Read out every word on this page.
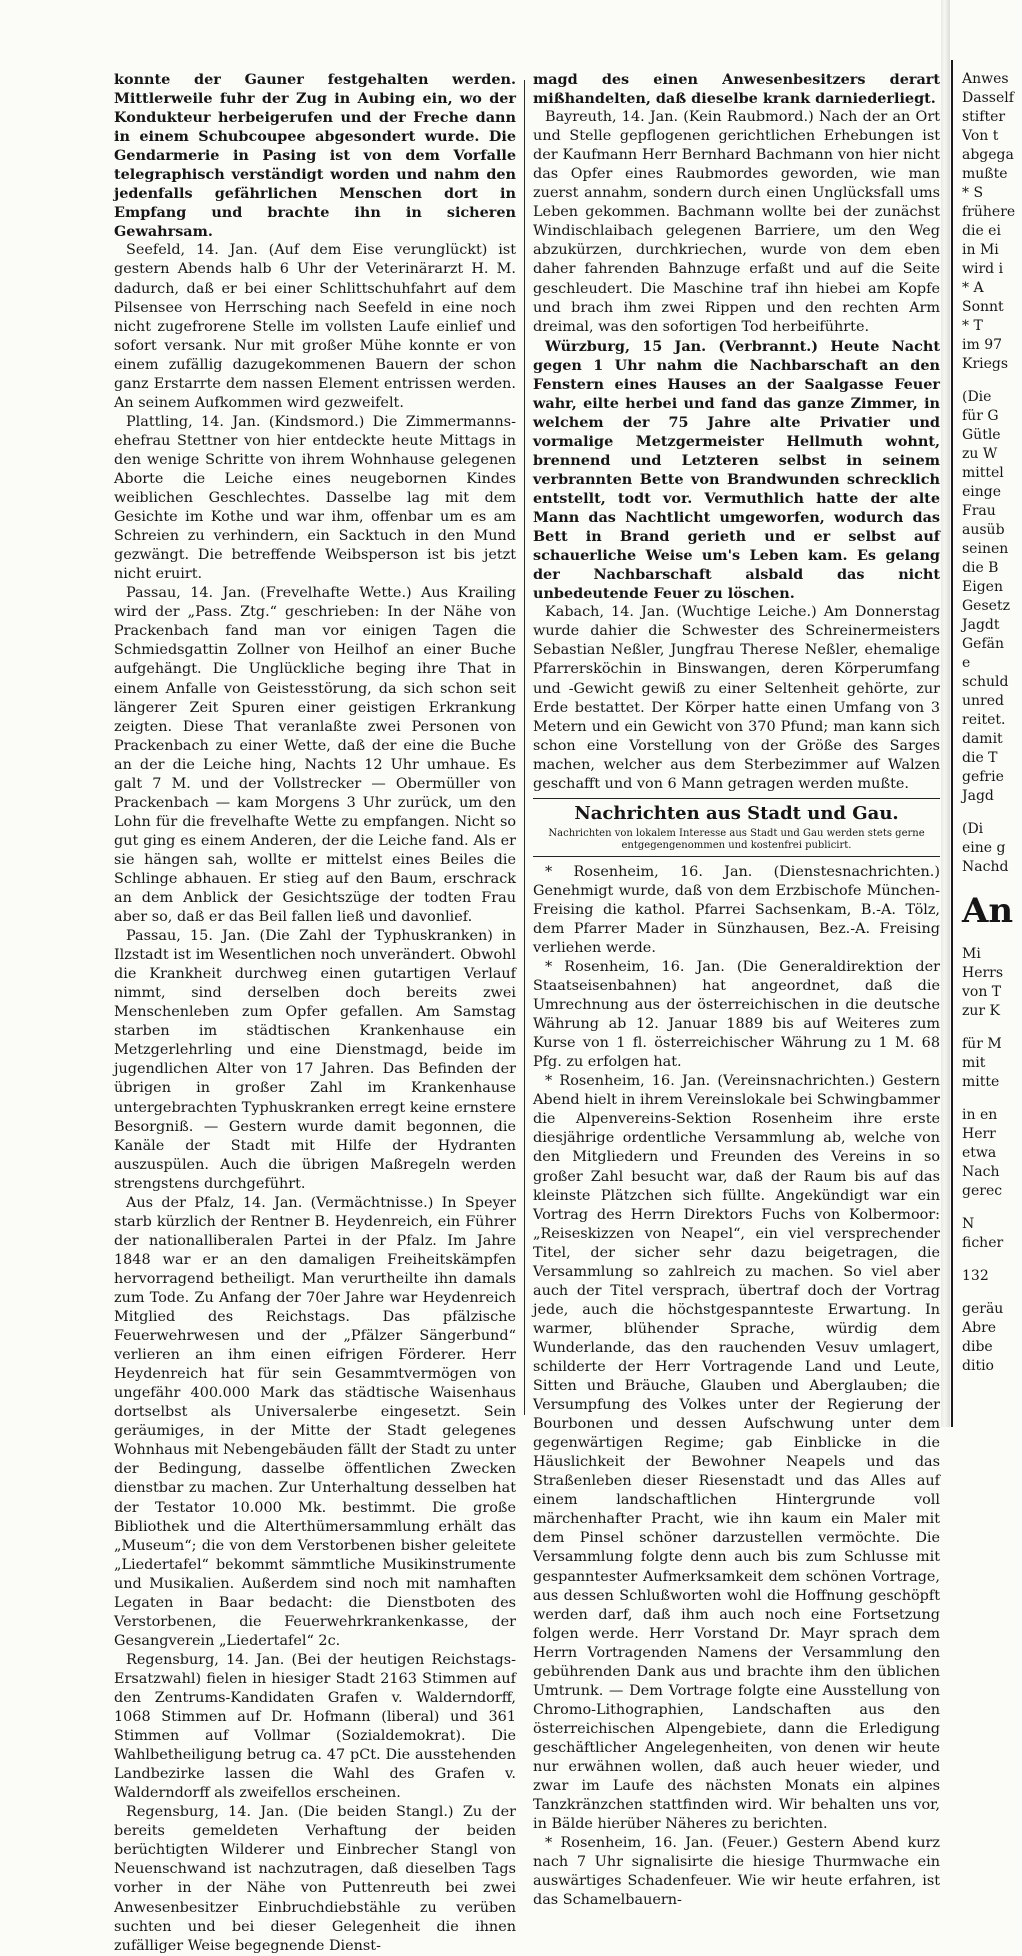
konnte der Gauner festgehalten werden. Mittlerweile fuhr der Zug in Aubing ein, wo der Kondukteur herbeigerufen und der Freche dann in einem Schubcoupee abgesondert wurde. Die Gendarmerie in Pasing ist von dem Vorfalle telegraphisch verständigt worden und nahm den jedenfalls gefährlichen Menschen dort in Empfang und brachte ihn in sicheren Gewahrsam.

Seefeld, 14. Jan. (Auf dem Eise verunglückt) ist gestern Abends halb 6 Uhr der Veterinärarzt H. M. dadurch, daß er bei einer Schlittschuhfahrt auf dem Pilsensee von Herrsching nach Seefeld in eine noch nicht zugefrorene Stelle im vollsten Laufe einlief und sofort versank. Nur mit großer Mühe konnte er von einem zufällig dazugekommenen Bauern der schon ganz Erstarrte dem nassen Element entrissen werden. An seinem Aufkommen wird gezweifelt.

Plattling, 14. Jan. (Kindsmord.) Die Zimmermanns-ehefrau Stettner von hier entdeckte heute Mittags in den wenige Schritte von ihrem Wohnhause gelegenen Aborte die Leiche eines neugebornen Kindes weiblichen Geschlechtes. Dasselbe lag mit dem Gesichte im Kothe und war ihm, offenbar um es am Schreien zu verhindern, ein Sacktuch in den Mund gezwängt. Die betreffende Weibsperson ist bis jetzt nicht eruirt.

Passau, 14. Jan. (Frevelhafte Wette.) Aus Krailing wird der „Pass. Ztg.“ geschrieben: In der Nähe von Prackenbach fand man vor einigen Tagen die Schmiedsgattin Zollner von Heilhof an einer Buche aufgehängt. Die Unglückliche beging ihre That in einem Anfalle von Geistesstörung, da sich schon seit längerer Zeit Spuren einer geistigen Erkrankung zeigten. Diese That veranlaßte zwei Personen von Prackenbach zu einer Wette, daß der eine die Buche an der die Leiche hing, Nachts 12 Uhr umhaue. Es galt 7 M. und der Vollstrecker — Obermüller von Prackenbach — kam Morgens 3 Uhr zurück, um den Lohn für die frevelhafte Wette zu empfangen. Nicht so gut ging es einem Anderen, der die Leiche fand. Als er sie hängen sah, wollte er mittelst eines Beiles die Schlinge abhauen. Er stieg auf den Baum, erschrack an dem Anblick der Gesichtszüge der todten Frau aber so, daß er das Beil fallen ließ und davonlief.

Passau, 15. Jan. (Die Zahl der Typhuskranken) in Ilzstadt ist im Wesentlichen noch unverändert. Obwohl die Krankheit durchweg einen gutartigen Verlauf nimmt, sind derselben doch bereits zwei Menschenleben zum Opfer gefallen. Am Samstag starben im städtischen Krankenhause ein Metzgerlehrling und eine Dienstmagd, beide im jugendlichen Alter von 17 Jahren. Das Befinden der übrigen in großer Zahl im Krankenhause untergebrachten Typhuskranken erregt keine ernstere Besorgniß. — Gestern wurde damit begonnen, die Kanäle der Stadt mit Hilfe der Hydranten auszuspülen. Auch die übrigen Maßregeln werden strengstens durchgeführt.

Aus der Pfalz, 14. Jan. (Vermächtnisse.) In Speyer starb kürzlich der Rentner B. Heydenreich, ein Führer der nationalliberalen Partei in der Pfalz. Im Jahre 1848 war er an den damaligen Freiheitskämpfen hervorragend betheiligt. Man verurtheilte ihn damals zum Tode. Zu Anfang der 70er Jahre war Heydenreich Mitglied des Reichstags. Das pfälzische Feuerwehrwesen und der „Pfälzer Sängerbund“ verlieren an ihm einen eifrigen Förderer. Herr Heydenreich hat für sein Gesammtvermögen von ungefähr 400.000 Mark das städtische Waisenhaus dortselbst als Universalerbe eingesetzt. Sein geräumiges, in der Mitte der Stadt gelegenes Wohnhaus mit Nebengebäuden fällt der Stadt zu unter der Bedingung, dasselbe öffentlichen Zwecken dienstbar zu machen. Zur Unterhaltung desselben hat der Testator 10.000 Mk. bestimmt. Die große Bibliothek und die Alterthümersammlung erhält das „Museum“; die von dem Verstorbenen bisher geleitete „Liedertafel“ bekommt sämmtliche Musikinstrumente und Musikalien. Außerdem sind noch mit namhaften Legaten in Baar bedacht: die Dienstboten des Verstorbenen, die Feuerwehrkrankenkasse, der Gesangverein „Liedertafel“ 2c.

Regensburg, 14. Jan. (Bei der heutigen Reichstags-Ersatzwahl) fielen in hiesiger Stadt 2163 Stimmen auf den Zentrums-Kandidaten Grafen v. Walderndorff, 1068 Stimmen auf Dr. Hofmann (liberal) und 361 Stimmen auf Vollmar (Sozialdemokrat). Die Wahlbetheiligung betrug ca. 47 pCt. Die ausstehenden Landbezirke lassen die Wahl des Grafen v. Walderndorff als zweifellos erscheinen.

Regensburg, 14. Jan. (Die beiden Stangl.) Zu der bereits gemeldeten Verhaftung der beiden berüchtigten Wilderer und Einbrecher Stangl von Neuenschwand ist nachzutragen, daß dieselben Tags vorher in der Nähe von Puttenreuth bei zwei Anwesenbesitzer Einbruchdiebstähle zu verüben suchten und bei dieser Gelegenheit die ihnen zufälliger Weise begegnende Dienst-

magd des einen Anwesenbesitzers derart mißhandelten, daß dieselbe krank darniederliegt.

Bayreuth, 14. Jan. (Kein Raubmord.) Nach der an Ort und Stelle gepflogenen gerichtlichen Erhebungen ist der Kaufmann Herr Bernhard Bachmann von hier nicht das Opfer eines Raubmordes geworden, wie man zuerst annahm, sondern durch einen Unglücksfall ums Leben gekommen. Bachmann wollte bei der zunächst Windischlaibach gelegenen Barriere, um den Weg abzukürzen, durchkriechen, wurde von dem eben daher fahrenden Bahnzuge erfaßt und auf die Seite geschleudert. Die Maschine traf ihn hiebei am Kopfe und brach ihm zwei Rippen und den rechten Arm dreimal, was den sofortigen Tod herbeiführte.

Würzburg, 15 Jan. (Verbrannt.) Heute Nacht gegen 1 Uhr nahm die Nachbarschaft an den Fenstern eines Hauses an der Saalgasse Feuer wahr, eilte herbei und fand das ganze Zimmer, in welchem der 75 Jahre alte Privatier und vormalige Metzgermeister Hellmuth wohnt, brennend und Letzteren selbst in seinem verbrannten Bette von Brandwunden schrecklich entstellt, todt vor. Vermuthlich hatte der alte Mann das Nachtlicht umgeworfen, wodurch das Bett in Brand gerieth und er selbst auf schauerliche Weise um's Leben kam. Es gelang der Nachbarschaft alsbald das nicht unbedeutende Feuer zu löschen.

Kabach, 14. Jan. (Wuchtige Leiche.) Am Donnerstag wurde dahier die Schwester des Schreinermeisters Sebastian Neßler, Jungfrau Therese Neßler, ehemalige Pfarrersköchin in Binswangen, deren Körperumfang und -Gewicht gewiß zu einer Seltenheit gehörte, zur Erde bestattet. Der Körper hatte einen Umfang von 3 Metern und ein Gewicht von 370 Pfund; man kann sich schon eine Vorstellung von der Größe des Sarges machen, welcher aus dem Sterbezimmer auf Walzen geschafft und von 6 Mann getragen werden mußte.

Nachrichten aus Stadt und Gau.
Nachrichten von lokalem Interesse aus Stadt und Gau werden stets gerne entgegengenommen und kostenfrei publicirt.

* Rosenheim, 16. Jan. (Dienstesnachrichten.) Genehmigt wurde, daß von dem Erzbischofe München-Freising die kathol. Pfarrei Sachsenkam, B.-A. Tölz, dem Pfarrer Mader in Sünzhausen, Bez.-A. Freising verliehen werde.

* Rosenheim, 16. Jan. (Die Generaldirektion der Staatseisenbahnen) hat angeordnet, daß die Umrechnung aus der österreichischen in die deutsche Währung ab 12. Januar 1889 bis auf Weiteres zum Kurse von 1 fl. österreichischer Währung zu 1 M. 68 Pfg. zu erfolgen hat.

* Rosenheim, 16. Jan. (Vereinsnachrichten.) Gestern Abend hielt in ihrem Vereinslokale bei Schwingbammer die Alpenvereins-Sektion Rosenheim ihre erste diesjährige ordentliche Versammlung ab, welche von den Mitgliedern und Freunden des Vereins in so großer Zahl besucht war, daß der Raum bis auf das kleinste Plätzchen sich füllte. Angekündigt war ein Vortrag des Herrn Direktors Fuchs von Kolbermoor: „Reiseskizzen von Neapel“, ein viel versprechender Titel, der sicher sehr dazu beigetragen, die Versammlung so zahlreich zu machen. So viel aber auch der Titel versprach, übertraf doch der Vortrag jede, auch die höchstgespannteste Erwartung. In warmer, blühender Sprache, würdig dem Wunderlande, das den rauchenden Vesuv umlagert, schilderte der Herr Vortragende Land und Leute, Sitten und Bräuche, Glauben und Aberglauben; die Versumpfung des Volkes unter der Regierung der Bourbonen und dessen Aufschwung unter dem gegenwärtigen Regime; gab Einblicke in die Häuslichkeit der Bewohner Neapels und das Straßenleben dieser Riesenstadt und das Alles auf einem landschaftlichen Hintergrunde voll märchenhafter Pracht, wie ihn kaum ein Maler mit dem Pinsel schöner darzustellen vermöchte. Die Versammlung folgte denn auch bis zum Schlusse mit gespanntester Aufmerksamkeit dem schönen Vortrage, aus dessen Schlußworten wohl die Hoffnung geschöpft werden darf, daß ihm auch noch eine Fortsetzung folgen werde. Herr Vorstand Dr. Mayr sprach dem Herrn Vortragenden Namens der Versammlung den gebührenden Dank aus und brachte ihm den üblichen Umtrunk. — Dem Vortrage folgte eine Ausstellung von Chromo-Lithographien, Landschaften aus den österreichischen Alpengebiete, dann die Erledigung geschäftlicher Angelegenheiten, von denen wir heute nur erwähnen wollen, daß auch heuer wieder, und zwar im Laufe des nächsten Monats ein alpines Tanzkränzchen stattfinden wird. Wir behalten uns vor, in Bälde hierüber Näheres zu berichten.

* Rosenheim, 16. Jan. (Feuer.) Gestern Abend kurz nach 7 Uhr signalisirte die hiesige Thurmwache ein auswärtiges Schadenfeuer. Wie wir heute erfahren, ist das Schamelbauern-

Anwes
Dasself
stifter
Von t
abgega
mußte
* S
frühere
die ei
in Mi
wird i
* A
Sonnt
* T
im 97
Kriegs
(Die
für G
Gütle
zu W
mittel
einge
Frau
ausüb
seinen
die B
Eigen
Gesetz
Jagdt
Gefän
e
schuld
unred
reitet.
damit
die T
gefrie
Jagd
(Di
eine g
Nachd
An
Mi
Herrs
von T
zur K
für M
mit
mitte
in en
Herr
etwa
Nach
gerec
N
ficher
132
geräu
Abre
dibe
ditio
